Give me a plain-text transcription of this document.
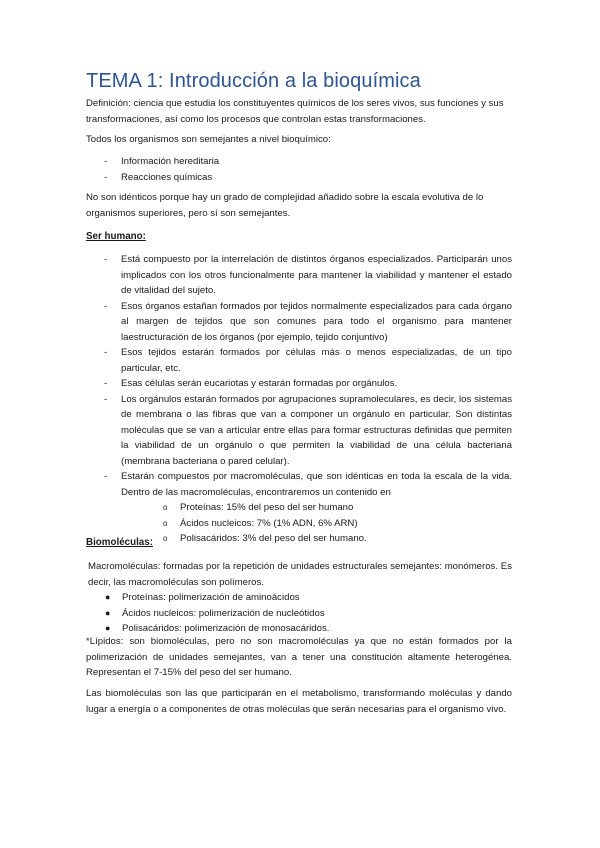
TEMA 1: Introducción a la bioquímica

Definición: ciencia que estudia los constituyentes químicos de los seres vivos, sus funciones y sus transformaciones, así como los procesos que controlan estas transformaciones.

Todos los organismos son semejantes a nivel bioquímico:

- Información hereditaria
- Reacciones químicas

No son idénticos porque hay un grado de complejidad añadido sobre la escala evolutiva de lo organismos superiores, pero sí son semejantes.

Ser humano:

- Está compuesto por la interrelación de distintos órganos especializados. Participarán unos implicados con los otros funcionalmente para mantener la viabilidad y mantener el estado de vitalidad del sujeto.
- Esos órganos estañan formados por tejidos normalmente especializados para cada órgano al margen de tejidos que son comunes para todo el organismo para mantener laestructuración de los órganos (por ejemplo, tejido conjuntivo)
- Esos tejidos estarán formados por células más o menos especializadas, de un tipo particular, etc.
- Esas células serán eucariotas y estarán formadas por orgánulos.
- Los orgánulos estarán formados por agrupaciones supramoleculares, es decir, los sistemas de membrana o las fibras que van a componer un orgánulo en particular. Son distintas moléculas que se van a articular entre ellas para formar estructuras definidas que permiten la viabilidad de un orgánulo o que permiten la viabilidad de una célula bacteriana (membrana bacteriana o pared celular).
- Estarán compuestos por macromoléculas, que son idénticas en toda la escala de la vida. Dentro de las macromoléculas, encontraremos un contenido en
o Proteínas: 15% del peso del ser humano
o Ácidos nucleicos: 7% (1% ADN, 6% ARN)
o Polisacáridos: 3% del peso del ser humano.

Biomoléculas:

Macromoléculas: formadas por la repetición de unidades estructurales semejantes: monómeros. Es decir, las macromoléculas son polímeros.

● Proteínas: polimerización de aminoácidos
● Ácidos nucleicos: polimerización de nucleótidos
● Polisacáridos: polimerización de monosacáridos.

*Lípidos: son biomoléculas, pero no son macromoléculas ya que no están formados por la polimerización de unidades semejantes, van a tener una constitución altamente heterogénea. Representan el 7-15% del peso del ser humano.

Las biomoléculas son las que participarán en el metabolismo, transformando moléculas y dando lugar a energía o a componentes de otras moléculas que serán necesarias para el organismo vivo.
